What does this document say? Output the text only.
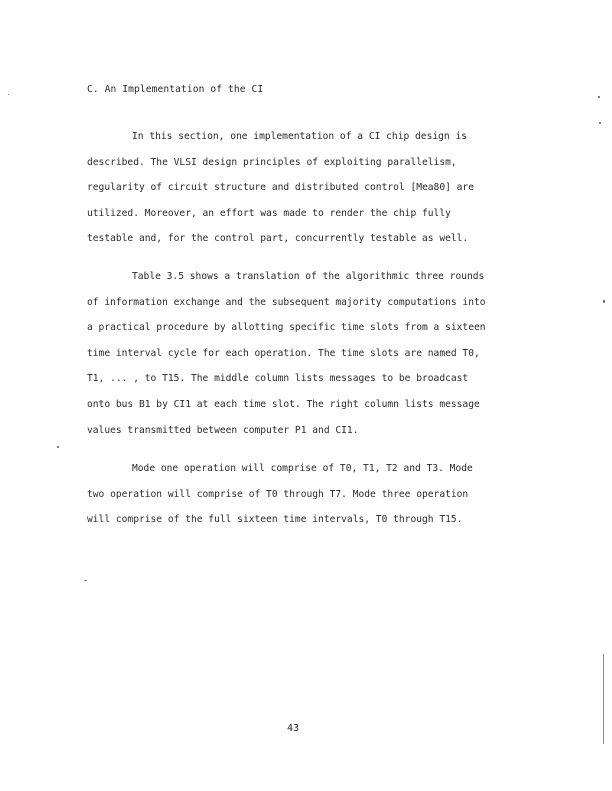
C. An Implementation of the CI
In this section, one implementation of a CI chip design is
described. The VLSI design principles of exploiting parallelism,
regularity of circuit structure and distributed control [Mea80] are
utilized. Moreover, an effort was made to render the chip fully
testable and, for the control part, concurrently testable as well.
Table 3.5 shows a translation of the algorithmic three rounds
of information exchange and the subsequent majority computations into
a practical procedure by allotting specific time slots from a sixteen
time interval cycle for each operation. The time slots are named T0,
T1, ... , to T15. The middle column lists messages to be broadcast
onto bus B1 by CI1 at each time slot. The right column lists message
values transmitted between computer P1 and CI1.
Mode one operation will comprise of T0, T1, T2 and T3. Mode
two operation will comprise of T0 through T7. Mode three operation
will comprise of the full sixteen time intervals, T0 through T15.
43
